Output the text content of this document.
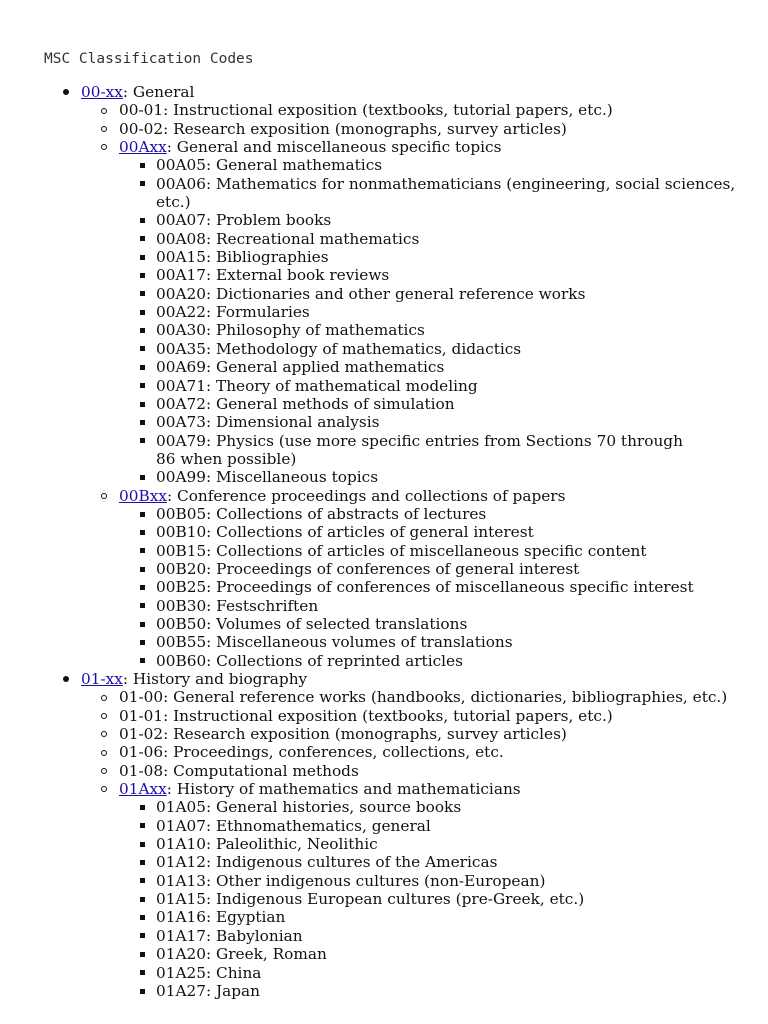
MSC Classification Codes
00-xx: General
00-01: Instructional exposition (textbooks, tutorial papers, etc.)
00-02: Research exposition (monographs, survey articles)
00Axx: General and miscellaneous specific topics
00A05: General mathematics
00A06: Mathematics for nonmathematicians (engineering, social sciences, etc.)
00A07: Problem books
00A08: Recreational mathematics
00A15: Bibliographies
00A17: External book reviews
00A20: Dictionaries and other general reference works
00A22: Formularies
00A30: Philosophy of mathematics
00A35: Methodology of mathematics, didactics
00A69: General applied mathematics
00A71: Theory of mathematical modeling
00A72: General methods of simulation
00A73: Dimensional analysis
00A79: Physics (use more specific entries from Sections 70 through 86 when possible)
00A99: Miscellaneous topics
00Bxx: Conference proceedings and collections of papers
00B05: Collections of abstracts of lectures
00B10: Collections of articles of general interest
00B15: Collections of articles of miscellaneous specific content
00B20: Proceedings of conferences of general interest
00B25: Proceedings of conferences of miscellaneous specific interest
00B30: Festschriften
00B50: Volumes of selected translations
00B55: Miscellaneous volumes of translations
00B60: Collections of reprinted articles
01-xx: History and biography
01-00: General reference works (handbooks, dictionaries, bibliographies, etc.)
01-01: Instructional exposition (textbooks, tutorial papers, etc.)
01-02: Research exposition (monographs, survey articles)
01-06: Proceedings, conferences, collections, etc.
01-08: Computational methods
01Axx: History of mathematics and mathematicians
01A05: General histories, source books
01A07: Ethnomathematics, general
01A10: Paleolithic, Neolithic
01A12: Indigenous cultures of the Americas
01A13: Other indigenous cultures (non-European)
01A15: Indigenous European cultures (pre-Greek, etc.)
01A16: Egyptian
01A17: Babylonian
01A20: Greek, Roman
01A25: China
01A27: Japan
